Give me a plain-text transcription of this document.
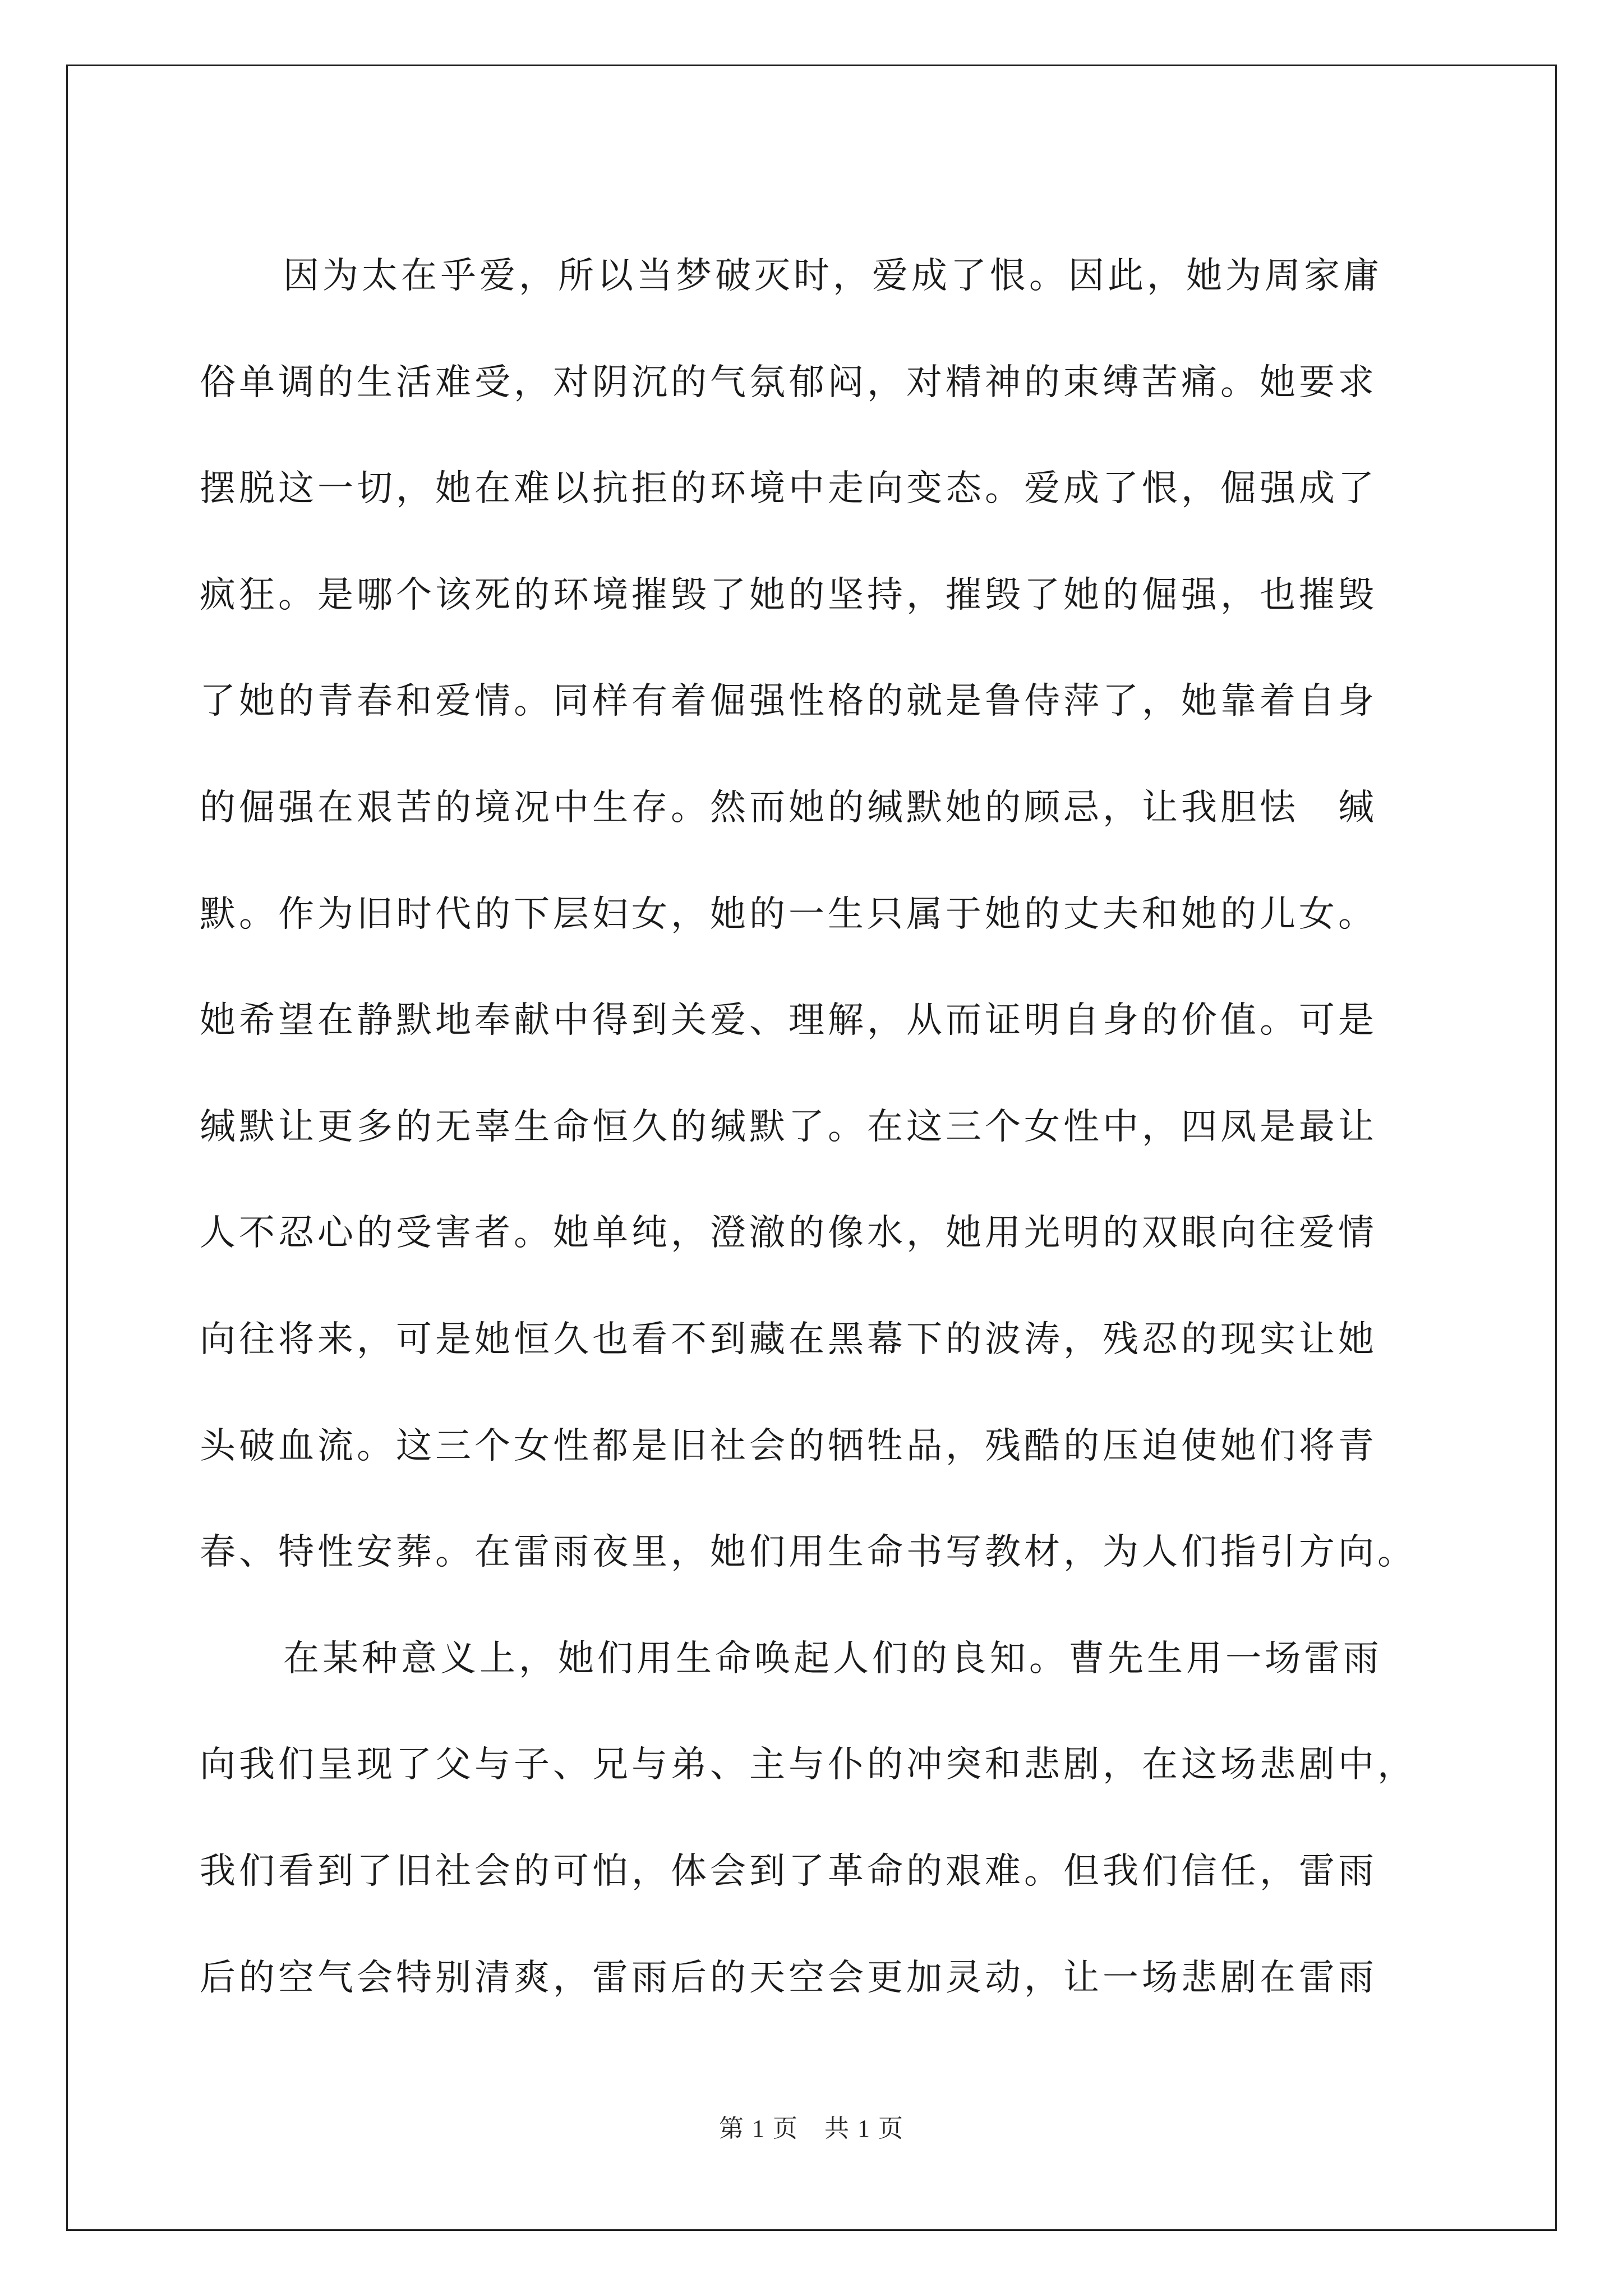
因为太在乎爱，所以当梦破灭时，爱成了恨。因此，她为周家庸
俗单调的生活难受，对阴沉的气氛郁闷，对精神的束缚苦痛。她要求
摆脱这一切，她在难以抗拒的环境中走向变态。爱成了恨，倔强成了
疯狂。是哪个该死的环境摧毁了她的坚持，摧毁了她的倔强，也摧毁
了她的青春和爱情。同样有着倔强性格的就是鲁侍萍了，她靠着自身
的倔强在艰苦的境况中生存。然而她的缄默她的顾忌，让我胆怯　缄
默。作为旧时代的下层妇女，她的一生只属于她的丈夫和她的儿女。
她希望在静默地奉献中得到关爱、理解，从而证明自身的价值。可是
缄默让更多的无辜生命恒久的缄默了。在这三个女性中，四凤是最让
人不忍心的受害者。她单纯，澄澈的像水，她用光明的双眼向往爱情
向往将来，可是她恒久也看不到藏在黑幕下的波涛，残忍的现实让她
头破血流。这三个女性都是旧社会的牺牲品，残酷的压迫使她们将青
春、特性安葬。在雷雨夜里，她们用生命书写教材，为人们指引方向。
在某种意义上，她们用生命唤起人们的良知。曹先生用一场雷雨
向我们呈现了父与子、兄与弟、主与仆的冲突和悲剧，在这场悲剧中，
我们看到了旧社会的可怕，体会到了革命的艰难。但我们信任，雷雨
后的空气会特别清爽，雷雨后的天空会更加灵动，让一场悲剧在雷雨
第 1 页　共 1 页
